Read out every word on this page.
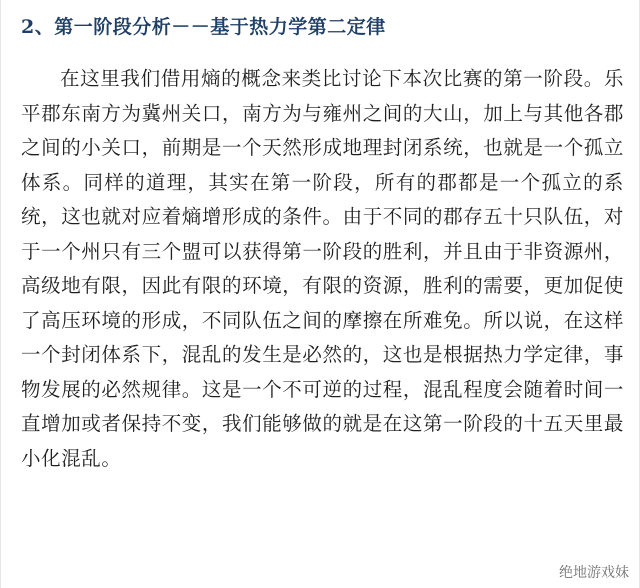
2、第一阶段分析－－基于热力学第二定律

在这里我们借用熵的概念来类比讨论下本次比赛的第一阶段。乐平郡东南方为冀州关口，南方为与雍州之间的大山，加上与其他各郡之间的小关口，前期是一个天然形成地理封闭系统，也就是一个孤立体系。同样的道理，其实在第一阶段，所有的郡都是一个孤立的系统，这也就对应着熵增形成的条件。由于不同的郡存五十只队伍，对于一个州只有三个盟可以获得第一阶段的胜利，并且由于非资源州，高级地有限，因此有限的环境，有限的资源，胜利的需要，更加促使了高压环境的形成，不同队伍之间的摩擦在所难免。所以说，在这样一个封闭体系下，混乱的发生是必然的，这也是根据热力学定律，事物发展的必然规律。这是一个不可逆的过程，混乱程度会随着时间一直增加或者保持不变，我们能够做的就是在这第一阶段的十五天里最小化混乱。

绝地游戏妹
